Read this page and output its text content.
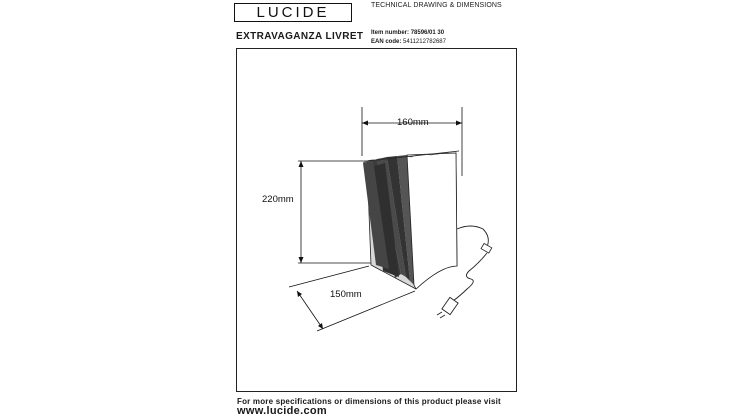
LUCIDE	TECHNICAL DRAWING & DIMENSIONS
EXTRAVAGANZA LIVRET Item number: 78596/01 30
EAN code: 5411212782687
160mm
220mm
150mm
For more specifications or dimensions of this product please visit
www.lucide.com
